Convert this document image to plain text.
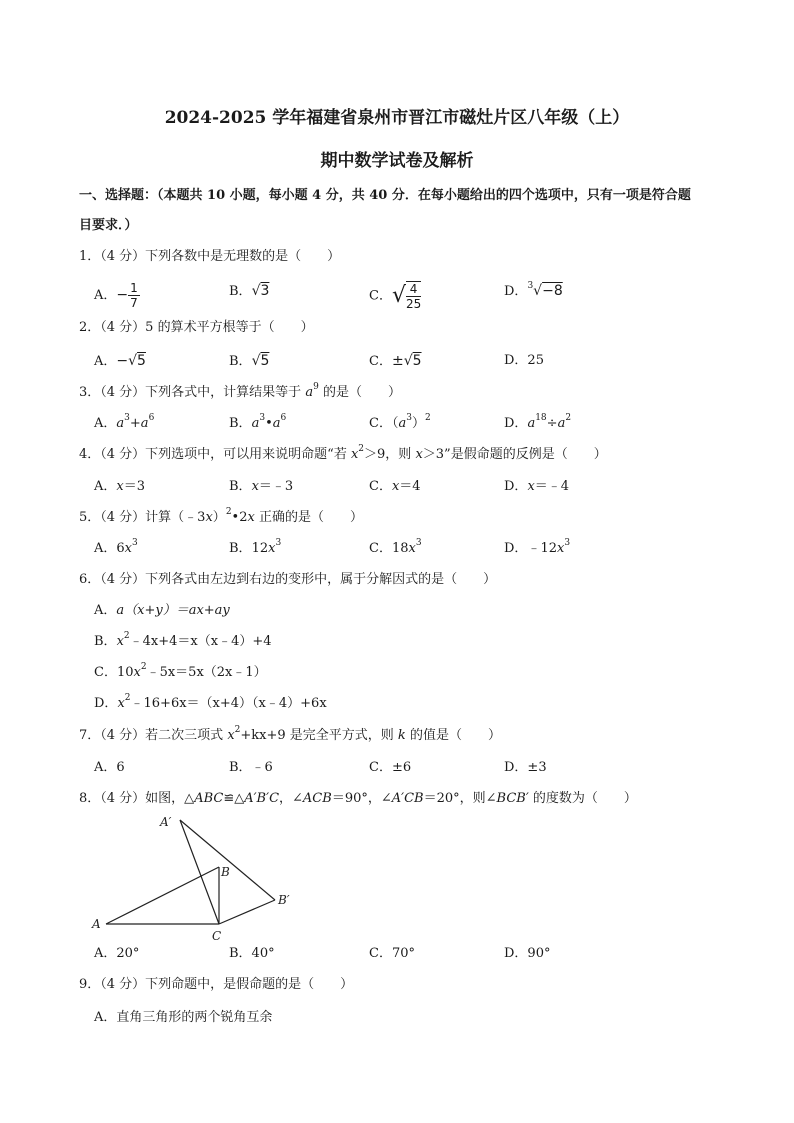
2024-2025 学年福建省泉州市晋江市磁灶片区八年级（上）
期中数学试卷及解析
一、选择题：（本题共 10 小题，每小题 4 分，共 40 分．在每小题给出的四个选项中，只有一项是符合题
目要求．）
1．（4 分）下列各数中是无理数的是（　　）
A．− $\frac{1}{7}$	B．√3	C．√ $\frac{4}{25}$	D．$^3$√−8
2．（4 分）5 的算术平方根等于（　　）
A．−√5	B．√5	C．±√5	D．25
3．（4 分）下列各式中，计算结果等于 $a^9$ 的是（　　）
A．$a^3+a^6$	B．$a^3•a^6$	C．$(a^3)^2$	D．$a^{18}\div a^2$
4．（4 分）下列选项中，可以用来说明命题“若 $x^2>9$，则 x＞3”是假命题的反例是（　　）
A．x＝3	B．x＝﹣3	C．x＝4	D．x＝﹣4
5．（4 分）计算（﹣3x）$^2$•2x 正确的是（　　）
A．$6x^3$	B．$12x^3$	C．$18x^3$	D．$﹣12x^3$
6．（4 分）下列各式由左边到右边的变形中，属于分解因式的是（　　）
A．a（x+y）＝ax+ay
B．$x^2﹣4x+4=x(x﹣4)+4$
C．$10x^2﹣5x=5x(2x﹣1)$
D．$x^2﹣16+6x=(x+4)(x﹣4)+6x$
7．（4 分）若二次三项式 $x^2+kx+9$ 是完全平方式，则 k 的值是（　　）
A．6	B．﹣6	C．±6	D．±3
8．（4 分）如图，△ABC≌△A′B′C，∠ACB＝90°，∠A′CB＝20°，则∠BCB′ 的度数为（　　）
A
A′
B
B′
C
A．20°	B．40°	C．70°	D．90°
9．（4 分）下列命题中，是假命题的是（　　）
A．直角三角形的两个锐角互余
